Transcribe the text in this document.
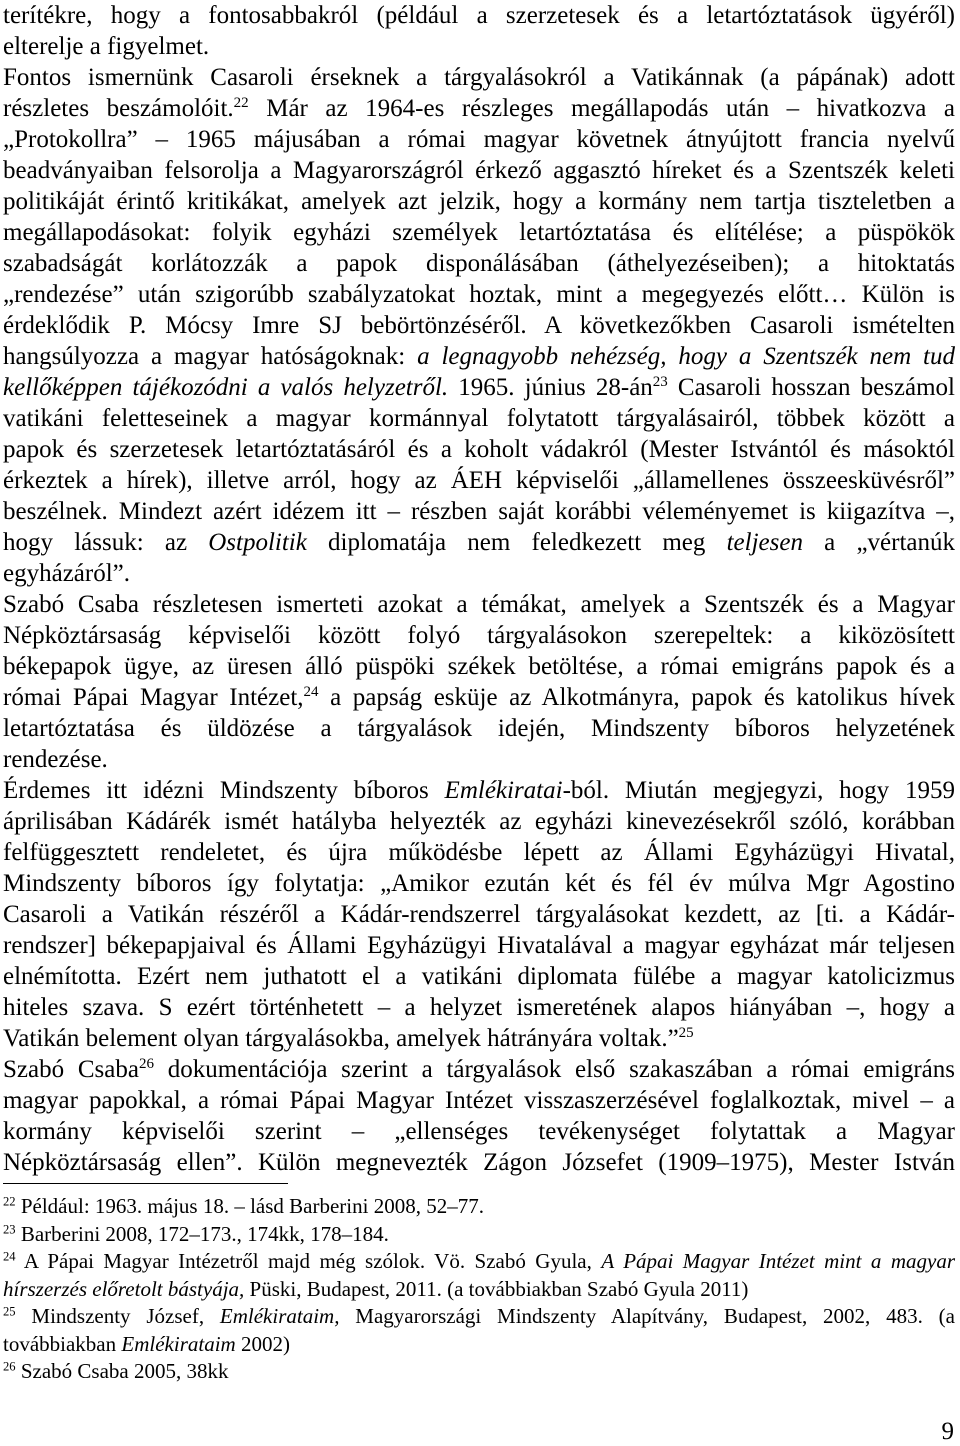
terítékre, hogy a fontosabbakról (például a szerzetesek és a letartóztatások ügyéről)
elterelje a figyelmet.
Fontos ismernünk Casaroli érseknek a tárgyalásokról a Vatikánnak (a pápának) adott
részletes beszámolóit.$^{22}$ Már az 1964-es részleges megállapodás után – hivatkozva a
„Protokollra” – 1965 májusában a római magyar követnek átnyújtott francia nyelvű
beadványaiban felsorolja a Magyarországról érkező aggasztó híreket és a Szentszék keleti
politikáját érintő kritikákat, amelyek azt jelzik, hogy a kormány nem tartja tiszteletben a
megállapodásokat: folyik egyházi személyek letartóztatása és elítélése; a püspökök
szabadságát korlátozzák a papok disponálásában (áthelyezéseiben); a hitoktatás
„rendezése” után szigorúbb szabályzatokat hoztak, mint a megegyezés előtt… Külön is
érdeklődik P. Mócsy Imre SJ bebörtönzéséről. A következőkben Casaroli ismételten
hangsúlyozza a magyar hatóságoknak: a legnagyobb nehézség, hogy a Szentszék nem tud
kellőképpen tájékozódni a valós helyzetről. 1965. június $28-án^{23}$ Casaroli hosszan beszámol
vatikáni feletteseinek a magyar kormánnyal folytatott tárgyalásairól, többek között a
papok és szerzetesek letartóztatásáról és a koholt vádakról (Mester Istvántól és másoktól
érkeztek a hírek), illetve arról, hogy az ÁEH képviselői „államellenes összeesküvésről”
beszélnek. Mindezt azért idézem itt – részben saját korábbi véleményemet is kiigazítva –,
hogy lássuk: az Ostpolitik diplomatája nem feledkezett meg teljesen a „vértanúk
egyházáról”.
Szabó Csaba részletesen ismerteti azokat a témákat, amelyek a Szentszék és a Magyar
Népköztársaság képviselői között folyó tárgyalásokon szerepeltek: a kiközösített
békepapok ügye, az üresen álló püspöki székek betöltése, a római emigráns papok és a
római Pápai Magyar Intézet,$^{24}$ a papság esküje az Alkotmányra, papok és katolikus hívek
letartóztatása és üldözése a tárgyalások idején, Mindszenty bíboros helyzetének
rendezése.
Érdemes itt idézni Mindszenty bíboros Emlékiratai-ból. Miután megjegyzi, hogy 1959
áprilisában Kádárék ismét hatályba helyezték az egyházi kinevezésekről szóló, korábban
felfüggesztett rendeletet, és újra működésbe lépett az Állami Egyházügyi Hivatal,
Mindszenty bíboros így folytatja: „Amikor ezután két és fél év múlva Mgr Agostino
Casaroli a Vatikán részéről a Kádár-rendszerrel tárgyalásokat kezdett, az [ti. a Kádár-
rendszer] békepapjaival és Állami Egyházügyi Hivatalával a magyar egyházat már teljesen
elnémította. Ezért nem juthatott el a vatikáni diplomata fülébe a magyar katolicizmus
hiteles szava. S ezért történhetett – a helyzet ismeretének alapos hiányában –, hogy a
Vatikán belement olyan tárgyalásokba, amelyek hátrányára voltak.”$^{25}$
Szabó Csaba$^{26}$ dokumentációja szerint a tárgyalások első szakaszában a római emigráns
magyar papokkal, a római Pápai Magyar Intézet visszaszerzésével foglalkoztak, mivel – a
kormány képviselői szerint – „ellenséges tevékenységet folytattak a Magyar
Népköztársaság ellen”. Külön megnevezték Zágon Józsefet (1909–1975), Mester István
$^{22}$ Például: 1963. május 18. – lásd Barberini 2008, 52–77.
$^{23}$ Barberini 2008, 172–173., 174kk, 178–184.
$^{24}$ A Pápai Magyar Intézetről majd még szólok. Vö. Szabó Gyula, A Pápai Magyar Intézet mint a magyar
hírszerzés előretolt bástyája, Püski, Budapest, 2011. (a továbbiakban Szabó Gyula 2011)
$^{25}$ Mindszenty József, Emlékirataim, Magyarországi Mindszenty Alapítvány, Budapest, 2002, 483. (a
továbbiakban Emlékirataim 2002)
$^{26}$ Szabó Csaba 2005, 38kk
9
